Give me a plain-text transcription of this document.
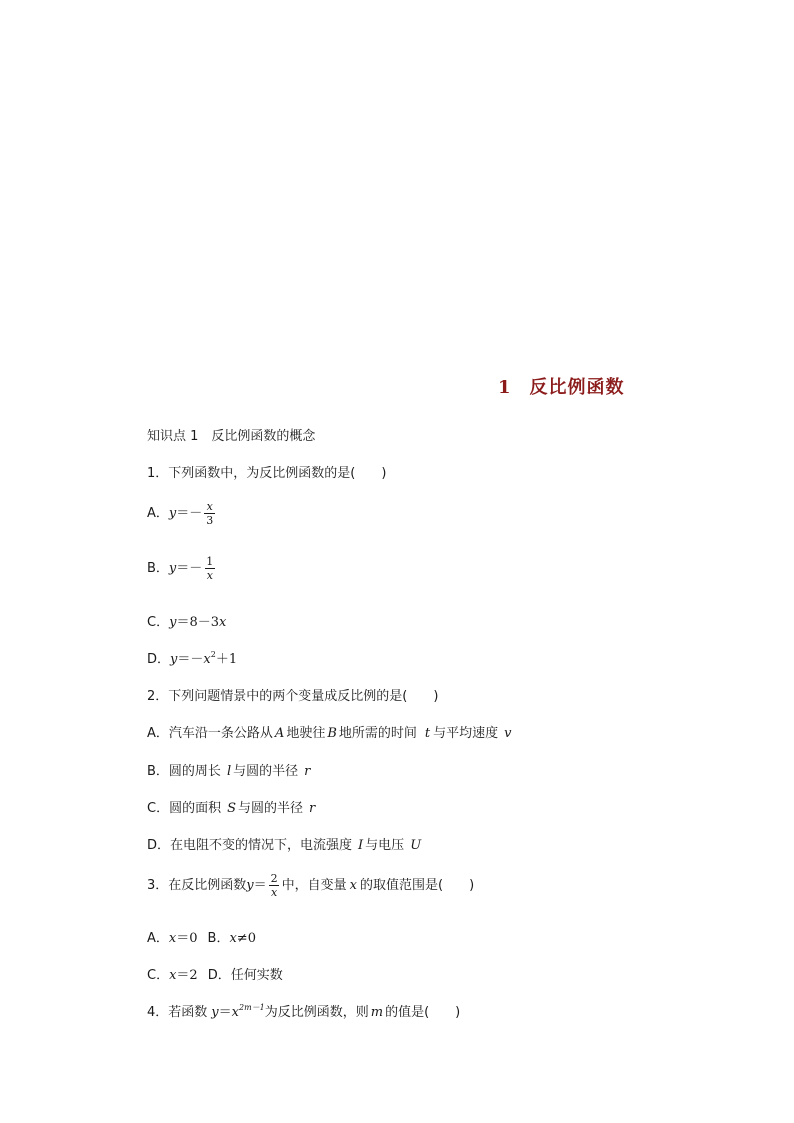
1 反比例函数
知识点 1　反比例函数的概念
1．下列函数中，为反比例函数的是(　　)
A．$y=- \frac{x}{3}$
B．$y=- \frac{1}{x}$
C．y＝8－3x
D．$y=-x^2+1$
2．下列问题情景中的两个变量成反比例的是(　　)
A．汽车沿一条公路从 A 地驶往 B 地所需的时间 t 与平均速度 v
B．圆的周长 l 与圆的半径 r
C．圆的面积 S 与圆的半径 r
D．在电阻不变的情况下，电流强度 I 与电压 U
3．在反比例函数$y= \frac{2}{x}$ 中，自变量 x 的取值范围是(　　)
A．x＝0 B．x≠0
C．x＝2 D．任何实数
4．若函数 $y=x^{2m-1}$为反比例函数，则 m 的值是(　　)
